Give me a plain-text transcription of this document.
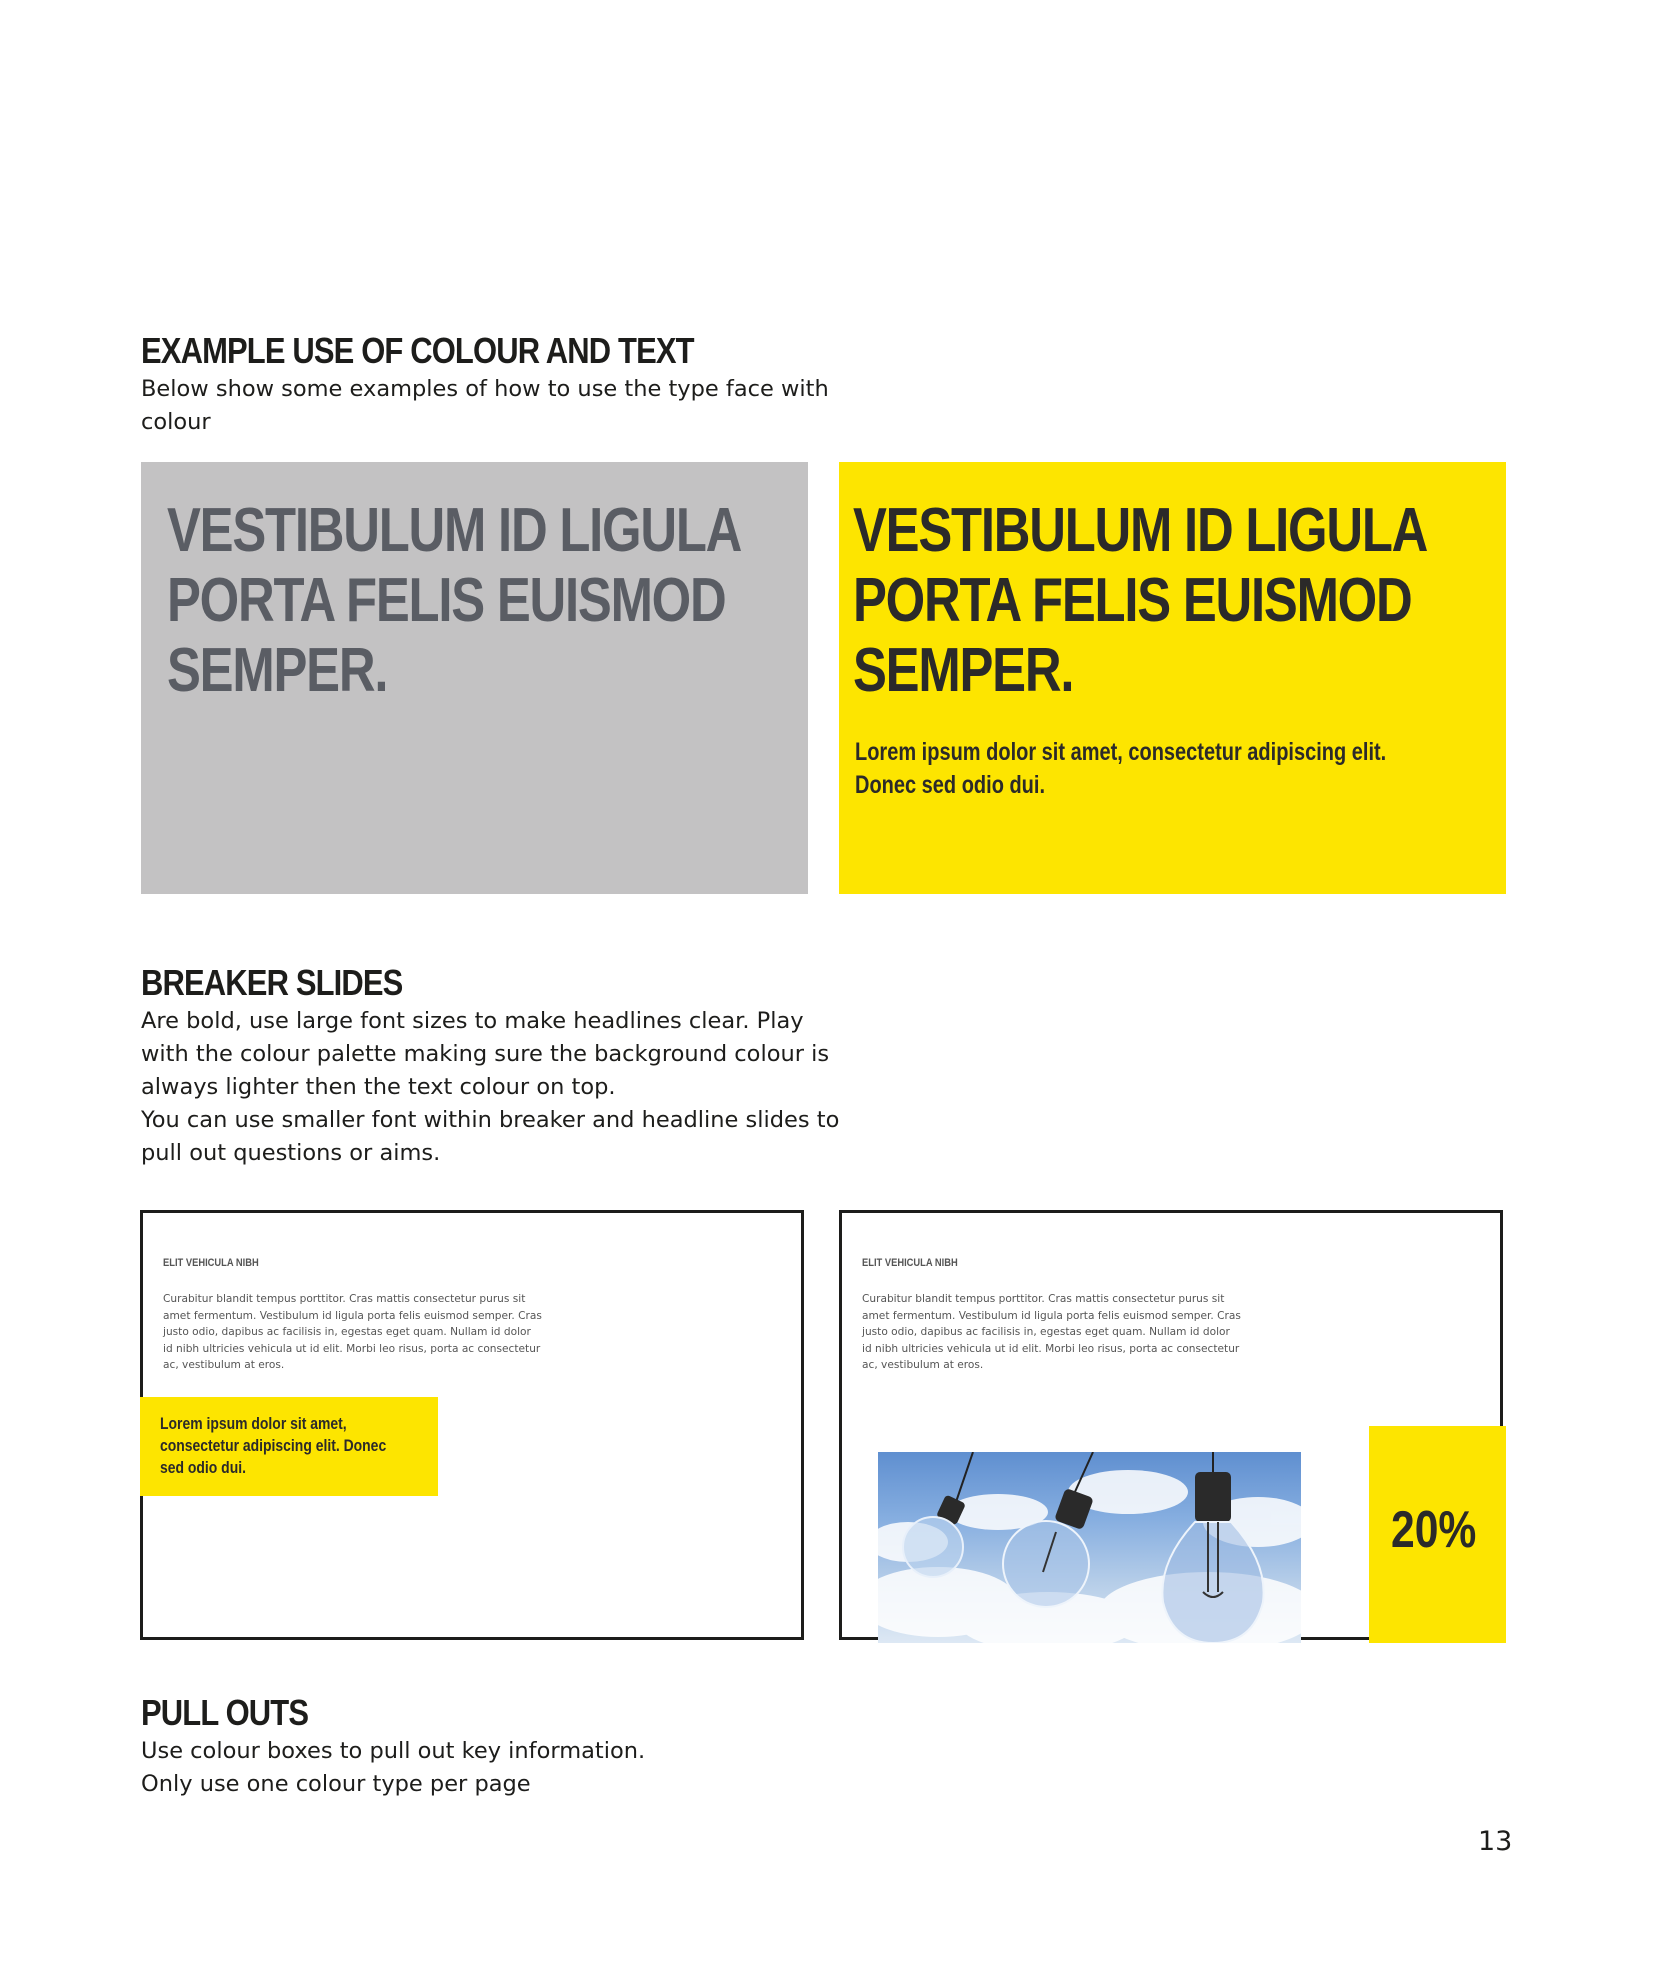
EXAMPLE USE OF COLOUR AND TEXT
Below show some examples of how to use the type face with
colour
VESTIBULUM ID LIGULA
PORTA FELIS EUISMOD
SEMPER.
VESTIBULUM ID LIGULA
PORTA FELIS EUISMOD
SEMPER.
Lorem ipsum dolor sit amet, consectetur adipiscing elit.
Donec sed odio dui.
BREAKER SLIDES
Are bold, use large font sizes to make headlines clear. Play
with the colour palette making sure the background colour is
always lighter then the text colour on top.
You can use smaller font within breaker and headline slides to
pull out questions or aims.
ELIT VEHICULA NIBH
Curabitur blandit tempus porttitor. Cras mattis consectetur purus sit
amet fermentum. Vestibulum id ligula porta felis euismod semper. Cras
justo odio, dapibus ac facilisis in, egestas eget quam. Nullam id dolor
id nibh ultricies vehicula ut id elit. Morbi leo risus, porta ac consectetur
ac, vestibulum at eros.
Lorem ipsum dolor sit amet,
consectetur adipiscing elit. Donec
sed odio dui.
ELIT VEHICULA NIBH
Curabitur blandit tempus porttitor. Cras mattis consectetur purus sit
amet fermentum. Vestibulum id ligula porta felis euismod semper. Cras
justo odio, dapibus ac facilisis in, egestas eget quam. Nullam id dolor
id nibh ultricies vehicula ut id elit. Morbi leo risus, porta ac consectetur
ac, vestibulum at eros.
20%
PULL OUTS
Use colour boxes to pull out key information.
Only use one colour type per page
13
